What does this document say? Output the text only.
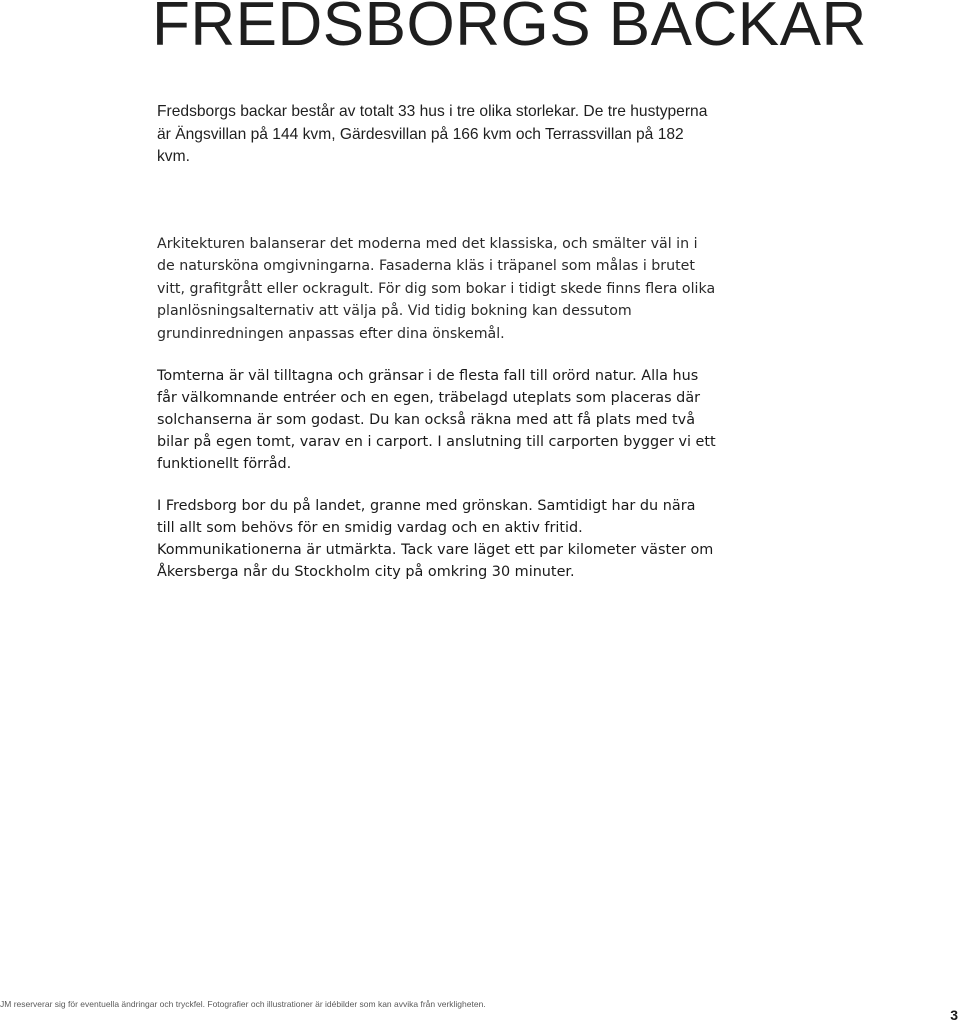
FREDSBORGS BACKAR

Fredsborgs backar består av totalt 33 hus i tre olika storlekar. De tre hustyperna är Ängsvillan på 144 kvm, Gärdesvillan på 166 kvm och Terrassvillan på 182 kvm.

Arkitekturen balanserar det moderna med det klassiska, och smälter väl in i de natursköna omgivningarna. Fasaderna kläs i träpanel som målas i brutet vitt, grafitgrått eller ockragult. För dig som bokar i tidigt skede finns flera olika planlösningsalternativ att välja på. Vid tidig bokning kan dessutom grundinredningen anpassas efter dina önskemål.

Tomterna är väl tilltagna och gränsar i de flesta fall till orörd natur. Alla hus får välkomnande entréer och en egen, träbelagd uteplats som placeras där solchanserna är som godast. Du kan också räkna med att få plats med två bilar på egen tomt, varav en i carport. I anslutning till carporten bygger vi ett funktionellt förråd.

I Fredsborg bor du på landet, granne med grönskan. Samtidigt har du nära till allt som behövs för en smidig vardag och en aktiv fritid. Kommunikationerna är utmärkta. Tack vare läget ett par kilometer väster om Åkersberga når du Stockholm city på omkring 30 minuter.

JM reserverar sig för eventuella ändringar och tryckfel. Fotografier och illustrationer är idébilder som kan avvika från verkligheten.
3
